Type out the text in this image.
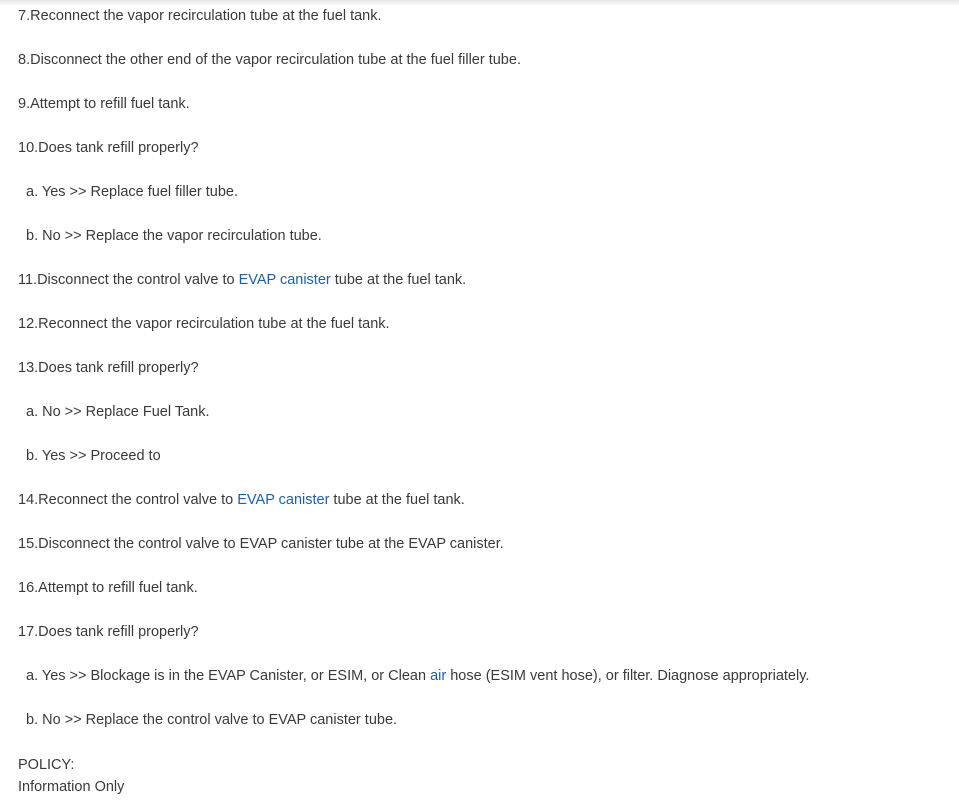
7.Reconnect the vapor recirculation tube at the fuel tank.
8.Disconnect the other end of the vapor recirculation tube at the fuel filler tube.
9.Attempt to refill fuel tank.
10.Does tank refill properly?
a. Yes >> Replace fuel filler tube.
b. No >> Replace the vapor recirculation tube.
11.Disconnect the control valve to EVAP canister tube at the fuel tank.
12.Reconnect the vapor recirculation tube at the fuel tank.
13.Does tank refill properly?
a. No >> Replace Fuel Tank.
b. Yes >> Proceed to
14.Reconnect the control valve to EVAP canister tube at the fuel tank.
15.Disconnect the control valve to EVAP canister tube at the EVAP canister.
16.Attempt to refill fuel tank.
17.Does tank refill properly?
a. Yes >> Blockage is in the EVAP Canister, or ESIM, or Clean air hose (ESIM vent hose), or filter. Diagnose appropriately.
b. No >> Replace the control valve to EVAP canister tube.
POLICY:
Information Only
